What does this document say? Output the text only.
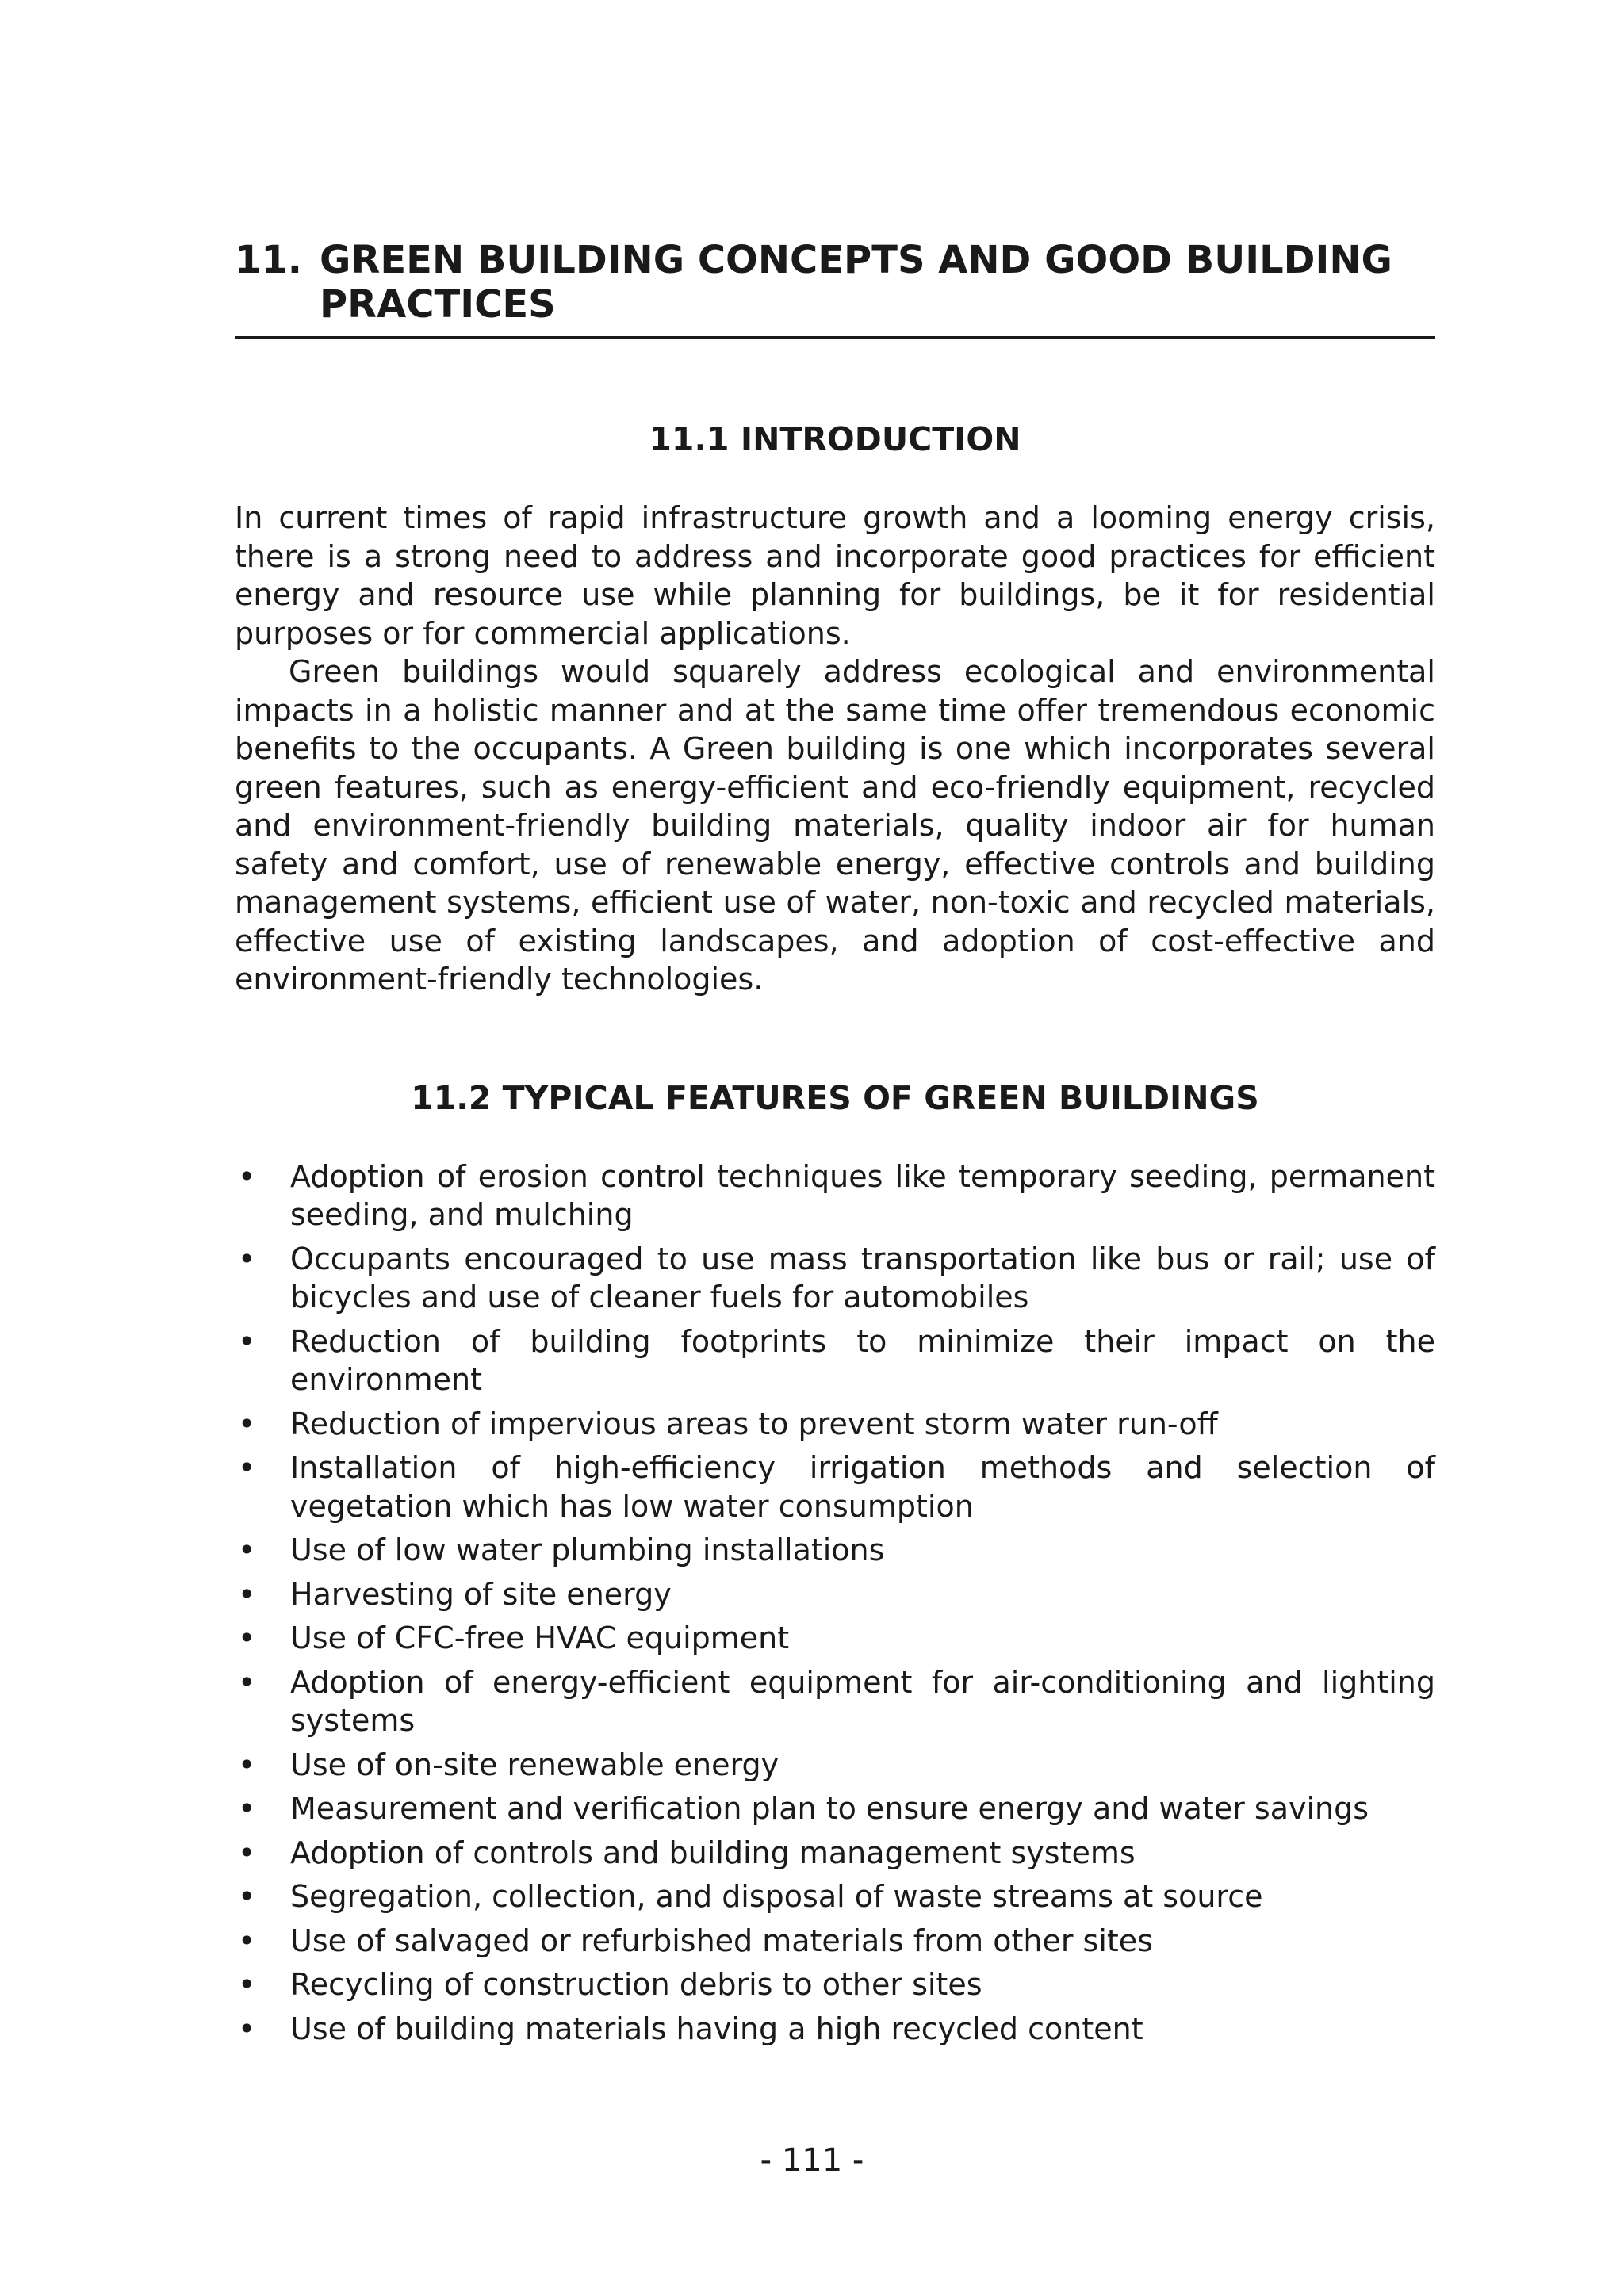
11. GREEN BUILDING CONCEPTS AND GOOD BUILDING PRACTICES
11.1 INTRODUCTION

In current times of rapid infrastructure growth and a looming energy crisis, there is a strong need to address and incorporate good practices for efficient energy and resource use while planning for buildings, be it for residential purposes or for commercial applications.

Green buildings would squarely address ecological and environmental impacts in a holistic manner and at the same time offer tremendous economic benefits to the occupants. A Green building is one which incorporates several green features, such as energy-efficient and eco-friendly equipment, recycled and environment-friendly building materials, quality indoor air for human safety and comfort, use of renewable energy, effective controls and building management systems, efficient use of water, non-toxic and recycled materials, effective use of existing landscapes, and adoption of cost-effective and environment-friendly technologies.

11.2 TYPICAL FEATURES OF GREEN BUILDINGS
•	Adoption of erosion control techniques like temporary seeding, permanent seeding, and mulching
•	Occupants encouraged to use mass transportation like bus or rail; use of bicycles and use of cleaner fuels for automobiles
•	Reduction of building footprints to minimize their impact on the environment
•	Reduction of impervious areas to prevent storm water run-off
•	Installation of high-efficiency irrigation methods and selection of vegetation which has low water consumption
•	Use of low water plumbing installations
•	Harvesting of site energy
•	Use of CFC-free HVAC equipment
•	Adoption of energy-efficient equipment for air-conditioning and lighting systems
•	Use of on-site renewable energy
•	Measurement and verification plan to ensure energy and water savings
•	Adoption of controls and building management systems
•	Segregation, collection, and disposal of waste streams at source
•	Use of salvaged or refurbished materials from other sites
•	Recycling of construction debris to other sites
•	Use of building materials having a high recycled content
- 111 -
